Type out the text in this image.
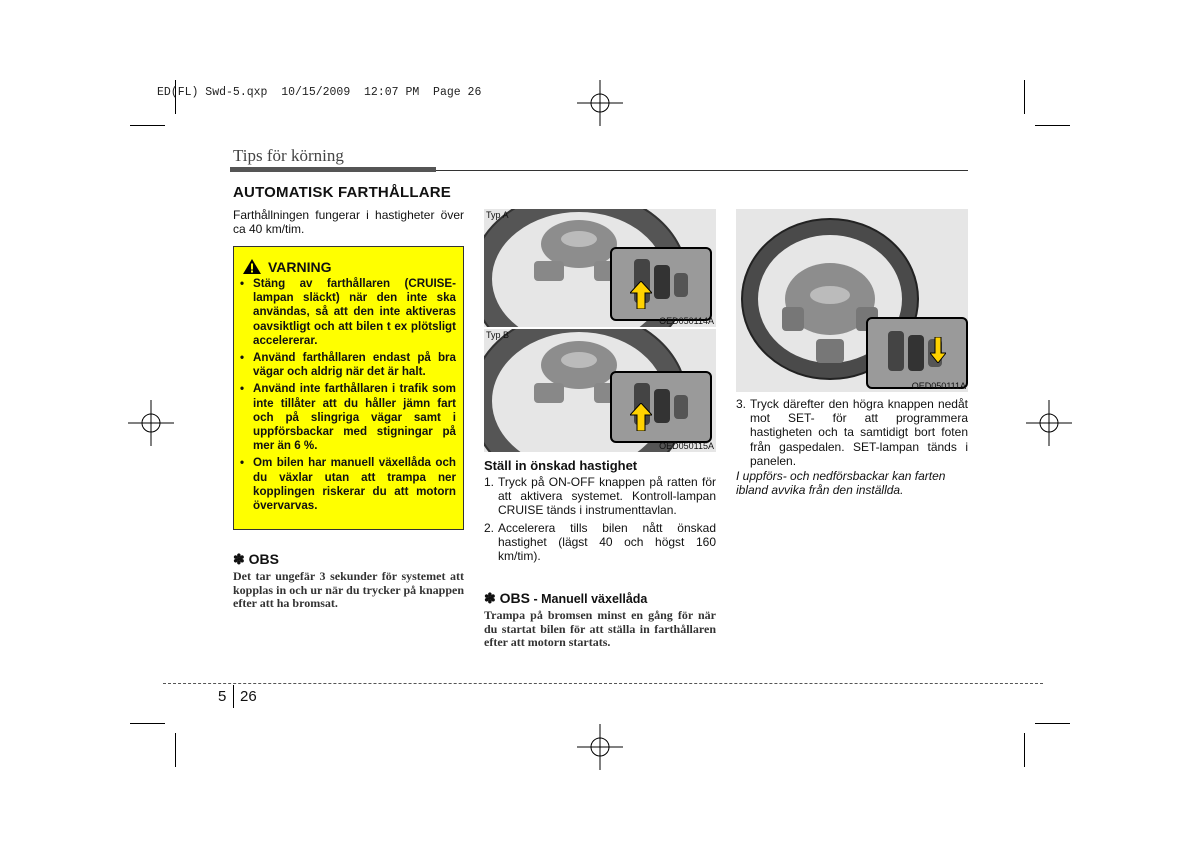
ED(FL) Swd-5.qxp  10/15/2009  12:07 PM  Page 26
Tips för körning
AUTOMATISK FARTHÅLLARE
Farthållningen fungerar i hastigheter över ca 40 km/tim.
VARNING
• Stäng av farthållaren (CRUISE-lampan släckt) när den inte ska användas, så att den inte aktiveras oavsiktligt och att bilen t ex plötsligt accelererar.
• Använd farthållaren endast på bra vägar och aldrig när det är halt.
• Använd inte farthållaren i trafik som inte tillåter att du håller jämn fart och på slingriga vägar samt i uppförsbackar med stigningar på mer än 6 %.
• Om bilen har manuell växellåda och du växlar utan att trampa ner kopplingen riskerar du att motorn övervarvas.
✽ OBS
Det tar ungefär 3 sekunder för systemet att kopplas in och ur när du trycker på knappen efter att ha bromsat.
Typ A
OED050114A
Typ B
OED050115A
Ställ in önskad hastighet
1. Tryck på ON-OFF knappen på ratten för att aktivera systemet. Kontroll-lampan CRUISE tänds i instrumenttavlan.
2. Accelerera tills bilen nått önskad hastighet (lägst 40 och högst 160 km/tim).
✽ OBS - Manuell växellåda
Trampa på bromsen minst en gång för när du startat bilen för att ställa in farthållaren efter att motorn startats.
OED050111A
3. Tryck därefter den högra knappen nedåt mot SET- för att programmera hastigheten och ta samtidigt bort foten från gaspedalen. SET-lampan tänds i panelen.
I uppförs- och nedförsbackar kan farten ibland avvika från den inställda.
5 26
